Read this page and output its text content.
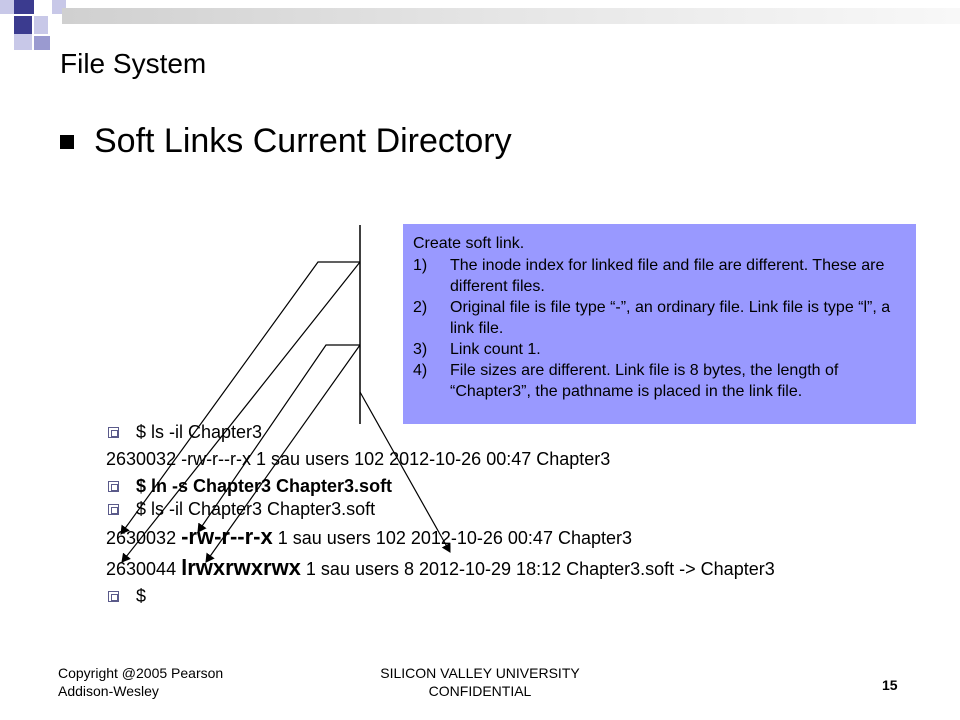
File System
Soft Links Current Directory
Create soft link.
1)	The inode index for linked file and file are different. These are different files.
2)	Original file is file type “-”, an ordinary file. Link file is type “l”, a link file.
3)	Link count 1.
4)	File sizes are different. Link file is 8 bytes, the length of “Chapter3”, the pathname is placed in the link file.
$ ls -il Chapter3
2630032 -rw-r--r-x 1 sau users 102 2012-10-26 00:47 Chapter3
$ ln -s Chapter3 Chapter3.soft
$ ls -il Chapter3 Chapter3.soft
2630032 -rw-r--r-x 1 sau users 102 2012-10-26 00:47 Chapter3
2630044 lrwxrwxrwx 1 sau users 8 2012-10-29 18:12 Chapter3.soft -> Chapter3
$
Copyright @2005 Pearson
Addison-Wesley
SILICON VALLEY UNIVERSITY
CONFIDENTIAL	15
